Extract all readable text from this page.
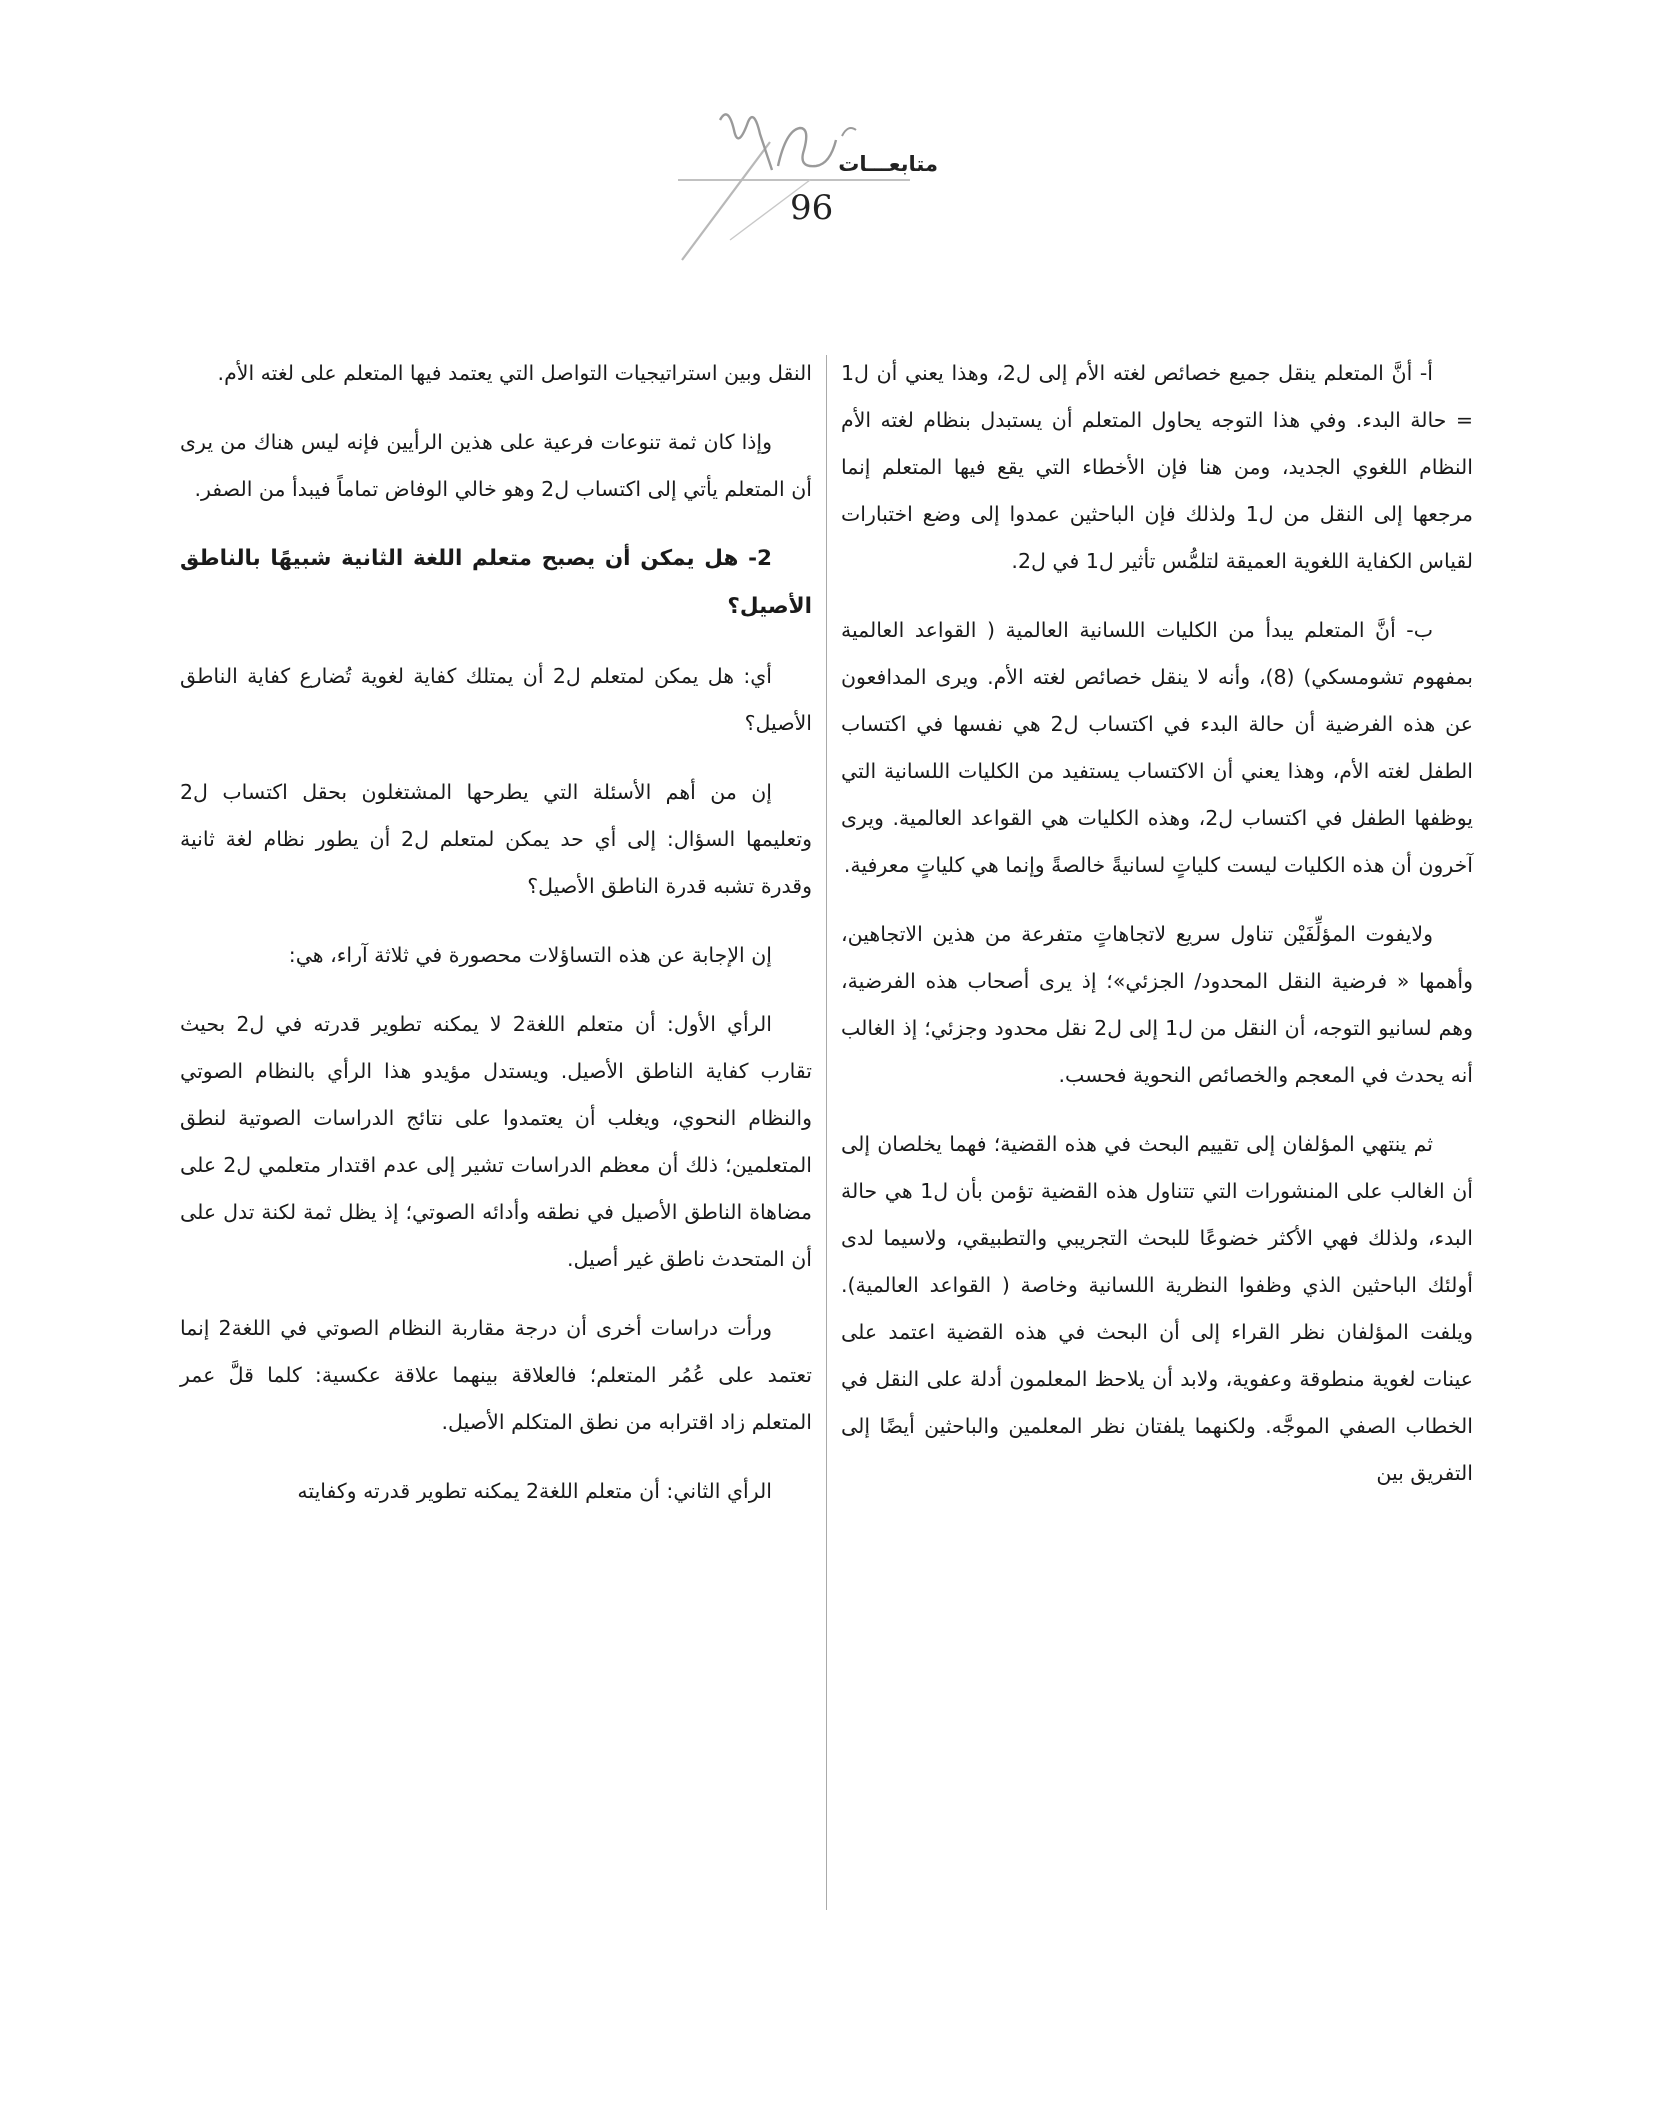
متابعـــات
96

أ- أنَّ المتعلم ينقل جميع خصائص لغته الأم إلى ل2، وهذا يعني أن ل1 = حالة البدء. وفي هذا التوجه يحاول المتعلم أن يستبدل بنظام لغته الأم النظام اللغوي الجديد، ومن هنا فإن الأخطاء التي يقع فيها المتعلم إنما مرجعها إلى النقل من ل1 ولذلك فإن الباحثين عمدوا إلى وضع اختبارات لقياس الكفاية اللغوية العميقة لتلمُّس تأثير ل1 في ل2.

ب- أنَّ المتعلم يبدأ من الكليات اللسانية العالمية ( القواعد العالمية بمفهوم تشومسكي) (8)، وأنه لا ينقل خصائص لغته الأم. ويرى المدافعون عن هذه الفرضية أن حالة البدء في اكتساب ل2 هي نفسها في اكتساب الطفل لغته الأم، وهذا يعني أن الاكتساب يستفيد من الكليات اللسانية التي يوظفها الطفل في اكتساب ل2، وهذه الكليات هي القواعد العالمية. ويرى آخرون أن هذه الكليات ليست كلياتٍ لسانيةً خالصةً وإنما هي كلياتٍ معرفية.

ولايفوت المؤلِّفَيْن تناول سريع لاتجاهاتٍ متفرعة من هذين الاتجاهين، وأهمها « فرضية النقل المحدود/ الجزئي»؛ إذ يرى أصحاب هذه الفرضية، وهم لسانيو التوجه، أن النقل من ل1 إلى ل2 نقل محدود وجزئي؛ إذ الغالب أنه يحدث في المعجم والخصائص النحوية فحسب.

ثم ينتهي المؤلفان إلى تقييم البحث في هذه القضية؛ فهما يخلصان إلى أن الغالب على المنشورات التي تتناول هذه القضية تؤمن بأن ل1 هي حالة البدء، ولذلك فهي الأكثر خضوعًا للبحث التجريبي والتطبيقي، ولاسيما لدى أولئك الباحثين الذي وظفوا النظرية اللسانية وخاصة ( القواعد العالمية). ويلفت المؤلفان نظر القراء إلى أن البحث في هذه القضية اعتمد على عينات لغوية منطوقة وعفوية، ولابد أن يلاحظ المعلمون أدلة على النقل في الخطاب الصفي الموجَّه. ولكنهما يلفتان نظر المعلمين والباحثين أيضًا إلى التفريق بين

النقل وبين استراتيجيات التواصل التي يعتمد فيها المتعلم على لغته الأم.

وإذا كان ثمة تنوعات فرعية على هذين الرأيين فإنه ليس هناك من يرى أن المتعلم يأتي إلى اكتساب ل2 وهو خالي الوفاض تماماً فيبدأ من الصفر.

2- هل يمكن أن يصبح متعلم اللغة الثانية شبيهًا بالناطق الأصيل؟

أي: هل يمكن لمتعلم ل2 أن يمتلك كفاية لغوية تُضارع كفاية الناطق الأصيل؟

إن من أهم الأسئلة التي يطرحها المشتغلون بحقل اكتساب ل2 وتعليمها السؤال: إلى أي حد يمكن لمتعلم ل2 أن يطور نظام لغة ثانية وقدرة تشبه قدرة الناطق الأصيل؟

إن الإجابة عن هذه التساؤلات محصورة في ثلاثة آراء، هي:

الرأي الأول: أن متعلم اللغة2 لا يمكنه تطوير قدرته في ل2 بحيث تقارب كفاية الناطق الأصيل. ويستدل مؤيدو هذا الرأي بالنظام الصوتي والنظام النحوي، ويغلب أن يعتمدوا على نتائج الدراسات الصوتية لنطق المتعلمين؛ ذلك أن معظم الدراسات تشير إلى عدم اقتدار متعلمي ل2 على مضاهاة الناطق الأصيل في نطقه وأدائه الصوتي؛ إذ يظل ثمة لكنة تدل على أن المتحدث ناطق غير أصيل.

ورأت دراسات أخرى أن درجة مقاربة النظام الصوتي في اللغة2 إنما تعتمد على عُمُر المتعلم؛ فالعلاقة بينهما علاقة عكسية: كلما قلَّ عمر المتعلم زاد اقترابه من نطق المتكلم الأصيل.

الرأي الثاني: أن متعلم اللغة2 يمكنه تطوير قدرته وكفايته
